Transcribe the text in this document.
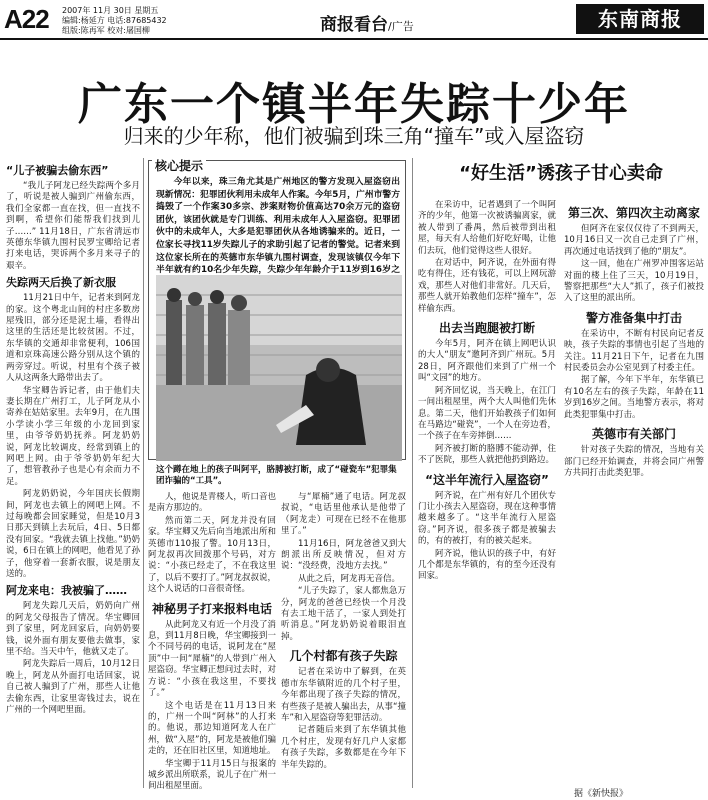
A22 2007年 11月 30日 星期五
编辑:杨延方 电话:87685432
组版:陈再军 校对:屠国柳	商报看台/广告	东南商报
广东一个镇半年失踪十少年
归来的少年称，他们被骗到珠三角“撞车”或入屋盗窃
“儿子被骗去偷东西”

“我儿子阿龙已经失踪两个多月了，听说是被人骗到广州偷东西，我们全家都一直在找，但一直找不到啊，希望你们能帮我们找到儿子……” 11月18日，广东省清远市英德东华镇九围村民罗宝卿给记者打来电话，哭诉两个多月来寻子的艰辛。

失踪两天后换了新衣服

11月21日中午，记者来到阿龙的家。这个粤北山间的村庄多数房屋残旧，部分还是泥土墙，看得出这里的生活还是比较贫困。不过，东华镇的交通却非常便利，106国道和京珠高速公路分别从这个镇的两旁穿过。听说，村里有个孩子被人从这两条大路带出去了。

华宝卿告诉记者，由于他们夫妻长期在广州打工，儿子阿龙从小寄养在姑姑家里。去年9月，在九围小学读小学三年级的小龙回到家里，由爷爷奶奶抚养。阿龙奶奶说，阿龙比较调皮，经常到镇上的网吧上网。由于爷爷奶奶年纪大了，想管教孙子也是心有余而力不足。

阿龙奶奶说，今年国庆长假期间，阿龙也去镇上的网吧上网。不过每晚都会回家睡觉，但是10月3日那天到镇上去玩后，4日、5日都没有回家。“我就去镇上找他。”奶奶说，6日在镇上的网吧，他看见了孙子，他穿着一套新衣服，说是朋友送的。

阿龙来电：我被骗了……

阿龙失踪几天后，奶奶向广州的阿龙父母报告了情况。华宝卿回到了家里，阿龙回家后，向奶奶要钱，说外面有朋友要他去做事，家里不给。当天中午，他就又走了。

阿龙失踪后一周后，10月12日晚上，阿龙从外面打电话回家，说自己被人骗到了广州，那些人让他去偷东西，让家里寄钱过去，说在广州的一个网吧里面。

核心提示

今年以来，珠三角尤其是广州地区的警方发现入屋盗窃出现新情况：犯罪团伙利用未成年人作案。今年5月，广州市警方捣毁了一个作案30多宗、涉案财物价值高达70余万元的盗窃团伙，该团伙就是专门训练、利用未成年人入屋盗窃。犯罪团伙中的未成年人，大多是犯罪团伙从各地诱骗来的。近日，一位家长寻找11岁失踪儿子的求助引起了记者的警觉。记者来到这位家长所在的英德市东华镇九围村调查，发现该镇仅今年下半年就有约10名少年失踪，失踪少年年龄介于11岁到16岁之

这个蹲在地上的孩子叫阿平，胳膊被打断，成了“碰瓷车”犯罪集团诈骗的“工具”。

人，他说是青楼人，听口音也是南方那边的。

然而第二天，阿龙并没有回家。华宝卿又先后向当地派出所和英德市110报了警。10月13日，阿龙叔再次回拨那个号码，对方说：“小孩已经走了，不在我这里了，以后不要打了。”阿龙叔叔说，这个人说话的口音很奇怪。

神秘男子打来报料电话

从此阿龙又有近一个月没了消息，到11月8日晚，华宝卿接到一个不同号码的电话，说阿龙在“屋顶”中一间“犀楠”的人带到广州入屋盗窃。华宝卿正想问过去时，对方说：“小孩在我这里，不要找了。”

这个电话是在11月13日来的，广州一个叫“阿林”的人打来的。他说，那边知道阿龙人在广州，做“入屋”的，阿龙是被他们骗走的，还在旧社区里，知道地址。

华宝卿于11月15日与报案的城乡派出所联系，说儿子在广州一间出租屋里面。

与“犀楠”通了电话。阿龙叔叔说，“电话里他承认是他带了（阿龙走）可现在已经不在他那里了。”

11月16日，阿龙爸爸又到大朗派出所反映情况，但对方说：“没经费，没地方去找。”

从此之后，阿龙再无音信。

“儿子失踪了，家人都焦急万分，阿龙的爸爸已经快一个月没有去工地干活了，一家人到处打听消息。”阿龙奶奶说着眼泪直掉。

几个村都有孩子失踪

记者在采访中了解到，在英德市东华镇附近的几个村子里，今年都出现了孩子失踪的情况，有些孩子是被人骗出去，从事“撞车”和入屋盗窃等犯罪活动。

记者随后来到了东华镇其他几个村庄，发现有好几户人家都有孩子失踪，多数都是在今年下半年失踪的。

“好生活”诱孩子甘心卖命

在采访中，记者遇到了一个叫阿齐的少年，他第一次被诱骗离家，就被人带到了番禺，然后被带到出租屋，每天有人给他们好吃好喝，让他们去玩，他们觉得这些人很好。

在对话中，阿齐说，在外面有得吃有得住，还有钱花，可以上网玩游戏，那些人对他们非常好。几天后，那些人就开始教他们怎样“撞车”，怎样偷东西。

出去当跑腿被打断

今年5月，阿齐在镇上网吧认识的大人“朋友”邀阿齐到广州玩。5月28日，阿齐跟他们来到了广州一个叫“文园”的地方。

阿齐回忆说，当天晚上，在江门一间出租屋里，两个大人叫他们先休息。第二天，他们开始教孩子们如何在马路边“碰瓷”，一个人在旁边看，一个孩子在车旁摔倒……

阿齐被打断的胳膊不能动弹，住不了医院，那些人就把他扔到路边。

“这半年流行入屋盗窃”

阿齐说，在广州有好几个团伙专门让小孩去入屋盗窃，现在这种事情越来越多了。“这半年流行入屋盗窃。”阿齐说，很多孩子都是被骗去的，有的被打，有的被关起来。

阿齐说，他认识的孩子中，有好几个都是东华镇的，有的至今还没有回家。

第三次、第四次主动离家

但阿齐在家仅仅待了不到两天，10月16日又一次自己走到了广州，再次通过电话找到了他的“朋友”。

这一回，他在广州罗冲围客运站对面的楼上住了三天，10月19日，警察把那些“大人”抓了，孩子们被投入了这里的派出所。

警方准备集中打击

在采访中，不断有村民向记者反映，孩子失踪的事情也引起了当地的关注。11月21日下午，记者在九围村民委员会办公室见到了村委主任。

据了解，今年下半年，东华镇已有10名左右的孩子失踪，年龄在11岁到16岁之间。当地警方表示，将对此类犯罪集中打击。

英德市有关部门

针对孩子失踪的情况，当地有关部门已经开始调查，并将会同广州警方共同打击此类犯罪。

据《新快报》
